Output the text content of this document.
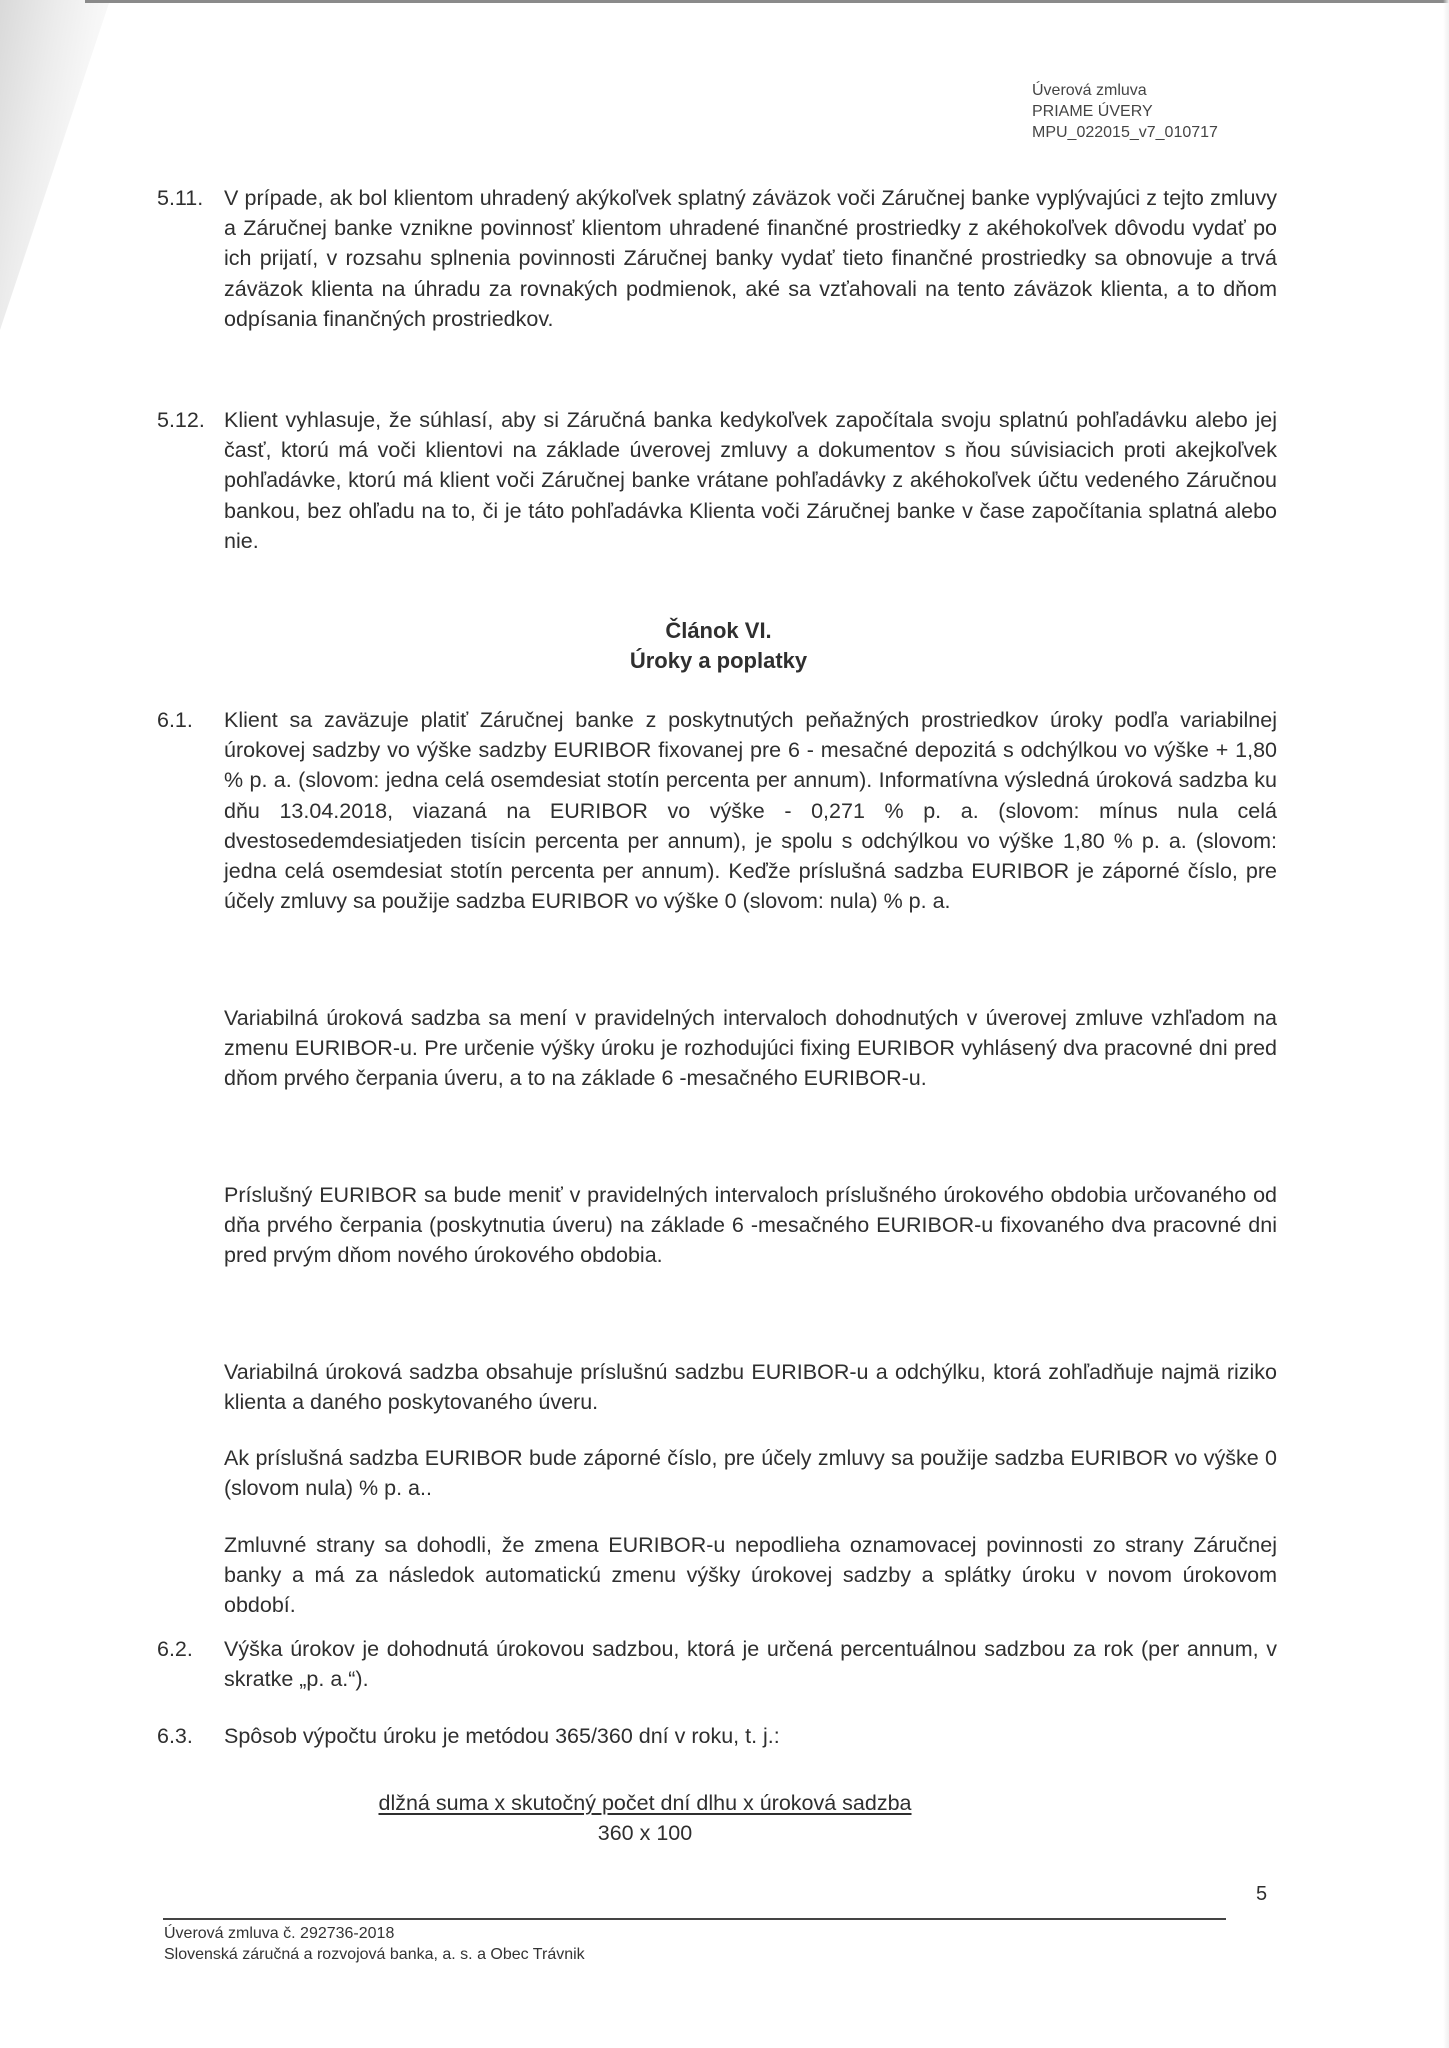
Úverová zmluva
PRIAME ÚVERY
MPU_022015_v7_010717
5.11. V prípade, ak bol klientom uhradený akýkoľvek splatný záväzok voči Záručnej banke vyplývajúci z tejto zmluvy a Záručnej banke vznikne povinnosť klientom uhradené finančné prostriedky z akéhokoľvek dôvodu vydať po ich prijatí, v rozsahu splnenia povinnosti Záručnej banky vydať tieto finančné prostriedky sa obnovuje a trvá záväzok klienta na úhradu za rovnakých podmienok, aké sa vzťahovali na tento záväzok klienta, a to dňom odpísania finančných prostriedkov.
5.12. Klient vyhlasuje, že súhlasí, aby si Záručná banka kedykoľvek započítala svoju splatnú pohľadávku alebo jej časť, ktorú má voči klientovi na základe úverovej zmluvy a dokumentov s ňou súvisiacich proti akejkoľvek pohľadávke, ktorú má klient voči Záručnej banke vrátane pohľadávky z akéhokoľvek účtu vedeného Záručnou bankou, bez ohľadu na to, či je táto pohľadávka Klienta voči Záručnej banke v čase započítania splatná alebo nie.
Článok VI.
Úroky a poplatky
6.1. Klient sa zaväzuje platiť Záručnej banke z poskytnutých peňažných prostriedkov úroky podľa variabilnej úrokovej sadzby vo výške sadzby EURIBOR fixovanej pre 6 - mesačné depozitá s odchýlkou vo výške + 1,80 % p. a. (slovom: jedna celá osemdesiat stotín percenta per annum). Informatívna výsledná úroková sadzba ku dňu 13.04.2018, viazaná na EURIBOR vo výške - 0,271 % p. a. (slovom: mínus nula celá dvestosedemdesiatjeden tisícin percenta per annum), je spolu s odchýlkou vo výške 1,80 % p. a. (slovom: jedna celá osemdesiat stotín percenta per annum). Keďže príslušná sadzba EURIBOR je záporné číslo, pre účely zmluvy sa použije sadzba EURIBOR vo výške 0 (slovom: nula) % p. a.
Variabilná úroková sadzba sa mení v pravidelných intervaloch dohodnutých v úverovej zmluve vzhľadom na zmenu EURIBOR-u. Pre určenie výšky úroku je rozhodujúci fixing EURIBOR vyhlásený dva pracovné dni pred dňom prvého čerpania úveru, a to na základe 6 -mesačného EURIBOR-u.
Príslušný EURIBOR sa bude meniť v pravidelných intervaloch príslušného úrokového obdobia určovaného od dňa prvého čerpania (poskytnutia úveru) na základe 6 -mesačného EURIBOR-u fixovaného dva pracovné dni pred prvým dňom nového úrokového obdobia.
Variabilná úroková sadzba obsahuje príslušnú sadzbu EURIBOR-u a odchýlku, ktorá zohľadňuje najmä riziko klienta a daného poskytovaného úveru.
Ak príslušná sadzba EURIBOR bude záporné číslo, pre účely zmluvy sa použije sadzba EURIBOR vo výške 0 (slovom nula) % p. a..
Zmluvné strany sa dohodli, že zmena EURIBOR-u nepodlieha oznamovacej povinnosti zo strany Záručnej banky a má za následok automatickú zmenu výšky úrokovej sadzby a splátky úroku v novom úrokovom období.
6.2. Výška úrokov je dohodnutá úrokovou sadzbou, ktorá je určená percentuálnou sadzbou za rok (per annum, v skratke „p. a.“).
6.3. Spôsob výpočtu úroku je metódou 365/360 dní v roku, t. j.:
dlžná suma x skutočný počet dní dlhu x úroková sadzba
360 x 100
5
Úverová zmluva č. 292736-2018
Slovenská záručná a rozvojová banka, a. s. a Obec Trávnik
